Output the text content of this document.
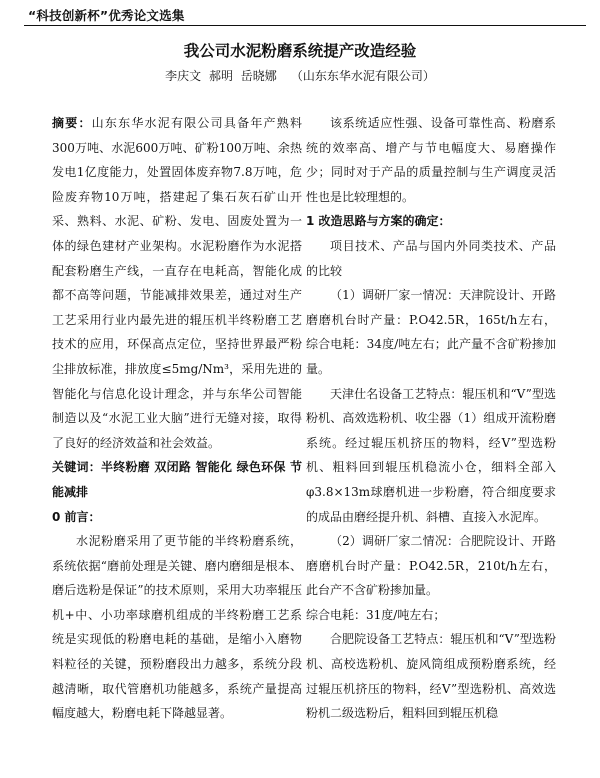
“科技创新杯”优秀论文选集
我公司水泥粉磨系统提产改造经验
李庆文 郝明 岳晓娜 （山东东华水泥有限公司）

摘要：山东东华水泥有限公司具备年产熟料300万吨、水泥600万吨、矿粉100万吨、余热发电1亿度能力，处置固体废弃物7.8万吨，危险废弃物10万吨，搭建起了集石灰石矿山开采、熟料、水泥、矿粉、发电、固废处置为一体的绿色建材产业架构。水泥粉磨作为水泥搭配套粉磨生产线，一直存在电耗高，智能化成都不高等问题，节能减排效果差，通过对生产工艺采用行业内最先进的辊压机半终粉磨工艺技术的应用，环保高点定位，坚持世界最严粉尘排放标准，排放度≤5mg/Nm³，采用先进的智能化与信息化设计理念，并与东华公司智能制造以及“水泥工业大脑”进行无缝对接，取得了良好的经济效益和社会效益。

关键词：半终粉磨 双闭路 智能化 绿色环保 节能减排

0 前言：

水泥粉磨采用了更节能的半终粉磨系统，系统依据“磨前处理是关键、磨内磨细是根本、磨后选粉是保证”的技术原则，采用大功率辊压机+中、小功率球磨机组成的半终粉磨工艺系统是实现低的粉磨电耗的基础，是缩小入磨物料粒径的关键，预粉磨段出力越多，系统分段越清晰，取代管磨机功能越多，系统产量提高幅度越大，粉磨电耗下降越显著。

该系统适应性强、设备可靠性高、粉磨系统的效率高、增产与节电幅度大、易磨操作少；同时对于产品的质量控制与生产调度灵活性也是比较理想的。

1 改造思路与方案的确定：

项目技术、产品与国内外同类技术、产品的比较

（1）调研厂家一情况：天津院设计、开路磨磨机台时产量：P.O42.5R，165t/h左右，综合电耗：34度/吨左右；此产量不含矿粉掺加量。

天津仕名设备工艺特点：辊压机和“V”型选粉机、高效选粉机、收尘器（1）组成开流粉磨系统。经过辊压机挤压的物料，经V”型选粉机、粗料回到辊压机稳流小仓，细料全部入φ3.8×13m球磨机进一步粉磨，符合细度要求的成品由磨经提升机、斜槽、直接入水泥库。

（2）调研厂家二情况：合肥院设计、开路磨磨机台时产量：P.O42.5R，210t/h左右，此台产不含矿粉掺加量。

综合电耗：31度/吨左右；

合肥院设备工艺特点：辊压机和“V”型选粉机、高校选粉机、旋风筒组成预粉磨系统，经过辊压机挤压的物料，经V”型选粉机、高效选粉机二级选粉后，粗料回到辊压机稳
